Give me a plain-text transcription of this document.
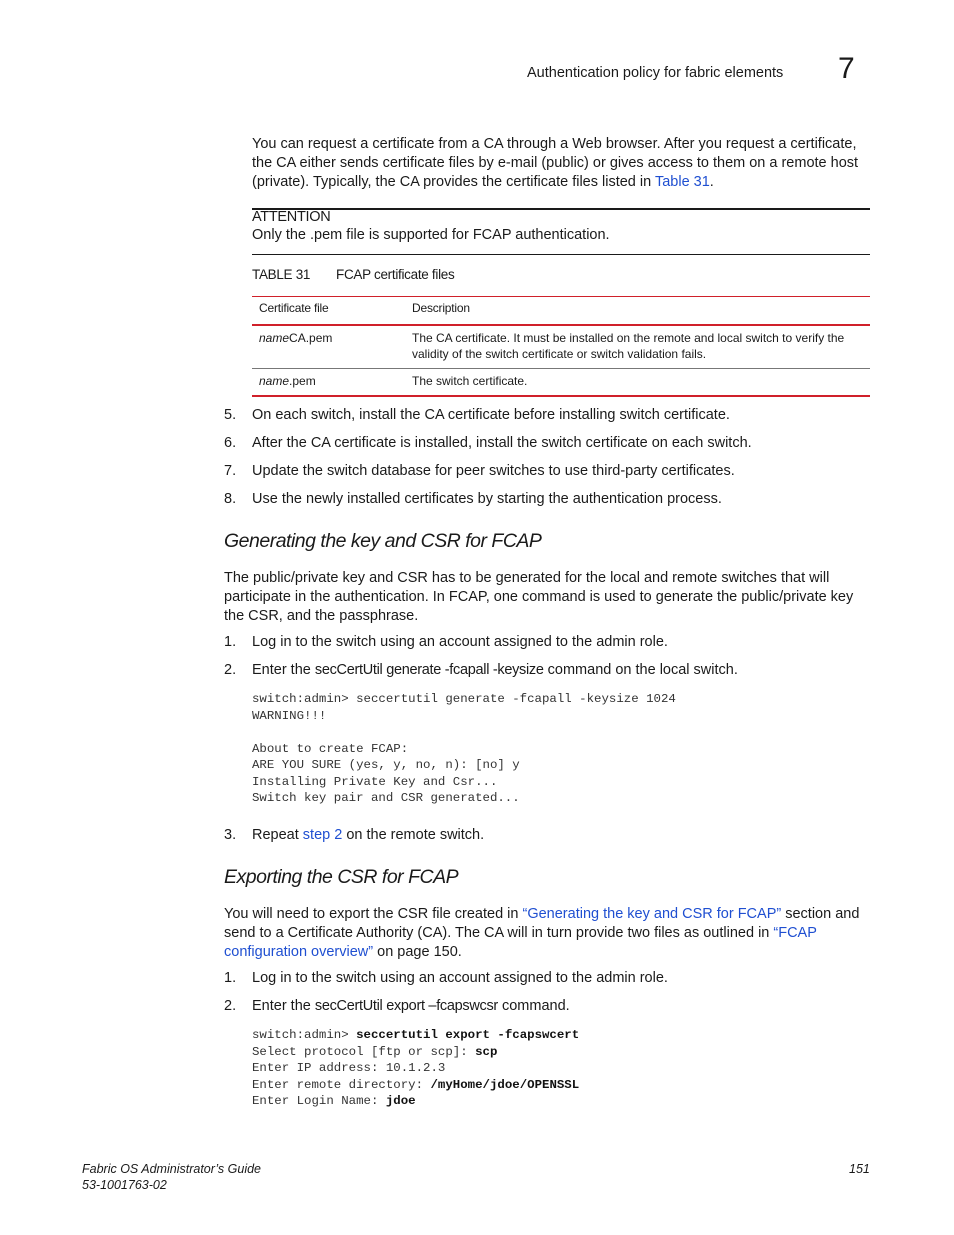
Authentication policy for fabric elements 7
You can request a certificate from a CA through a Web browser. After you request a certificate, the CA either sends certificate files by e-mail (public) or gives access to them on a remote host (private). Typically, the CA provides the certificate files listed in Table 31.
ATTENTION
Only the .pem file is supported for FCAP authentication.
TABLE 31 FCAP certificate files
Certificate file	Description
nameCA.pem	The CA certificate. It must be installed on the remote and local switch to verify the validity of the switch certificate or switch validation fails.
name.pem	The switch certificate.
5. On each switch, install the CA certificate before installing switch certificate.
6. After the CA certificate is installed, install the switch certificate on each switch.
7. Update the switch database for peer switches to use third-party certificates.
8. Use the newly installed certificates by starting the authentication process.
Generating the key and CSR for FCAP
The public/private key and CSR has to be generated for the local and remote switches that will participate in the authentication. In FCAP, one command is used to generate the public/private key the CSR, and the passphrase.
1. Log in to the switch using an account assigned to the admin role.
2. Enter the secCertUtil generate -fcapall -keysize command on the local switch.
switch:admin> seccertutil generate -fcapall -keysize 1024
WARNING!!!

About to create FCAP:
ARE YOU SURE (yes, y, no, n): [no] y
Installing Private Key and Csr...
Switch key pair and CSR generated...
3. Repeat step 2 on the remote switch.
Exporting the CSR for FCAP
You will need to export the CSR file created in “Generating the key and CSR for FCAP” section and send to a Certificate Authority (CA). The CA will in turn provide two files as outlined in “FCAP configuration overview” on page 150.
1. Log in to the switch using an account assigned to the admin role.
2. Enter the secCertUtil export –fcapswcsr command.
switch:admin> seccertutil export -fcapswcert
Select protocol [ftp or scp]: scp
Enter IP address: 10.1.2.3
Enter remote directory: /myHome/jdoe/OPENSSL
Enter Login Name: jdoe
Fabric OS Administrator’s Guide
53-1001763-02
151
